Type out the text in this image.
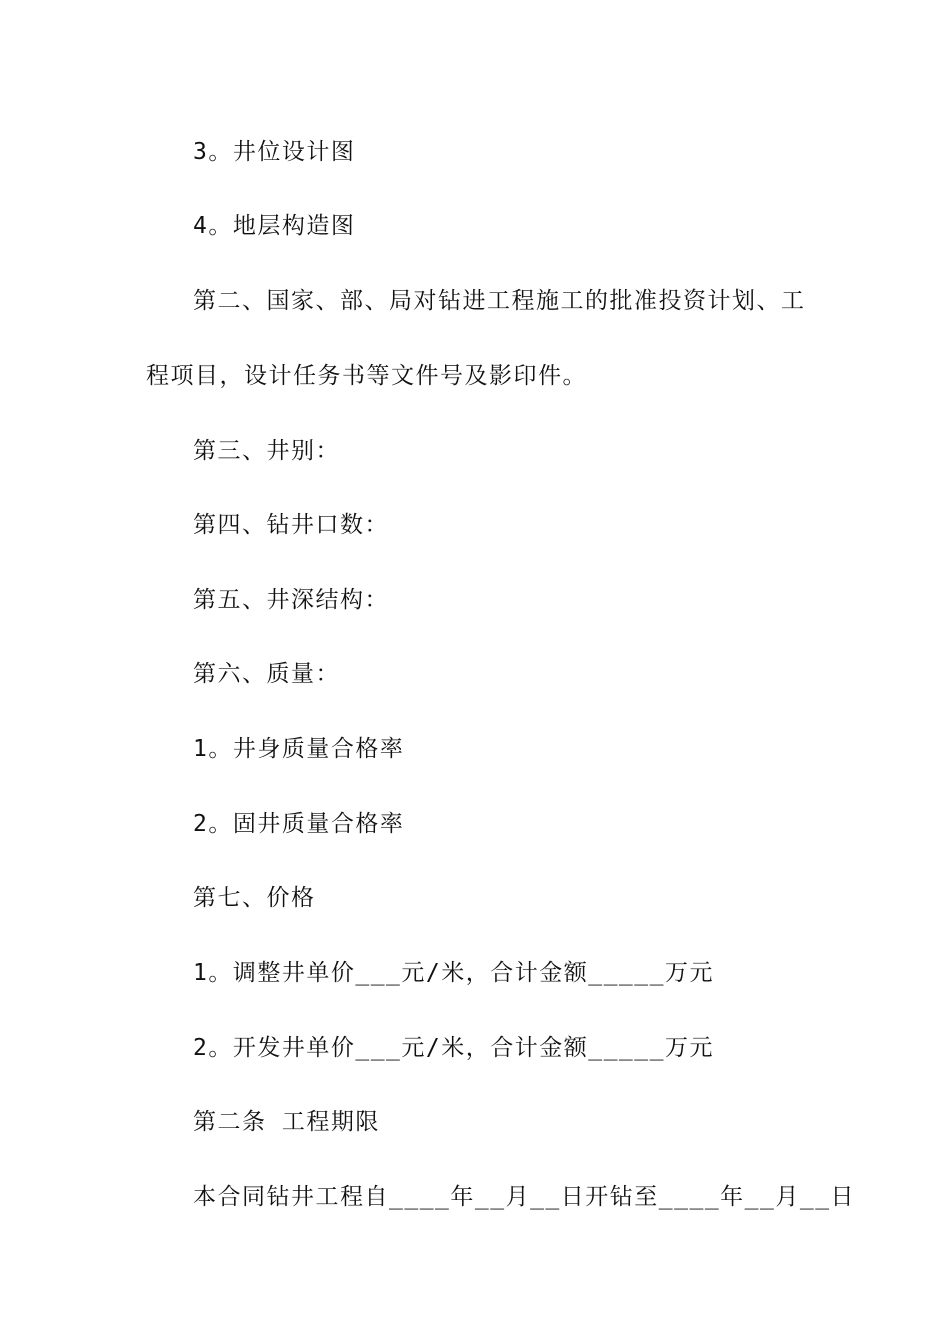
3。井位设计图
4。地层构造图
第二、国家、部、局对钻进工程施工的批准投资计划、工
程项目，设计任务书等文件号及影印件。
第三、井别：
第四、钻井口数：
第五、井深结构：
第六、质量：
1。井身质量合格率
2。固井质量合格率
第七、价格
1。调整井单价___元/米，合计金额_____万元
2。开发井单价___元/米，合计金额_____万元
第二条 工程期限
本合同钻井工程自____年__月__日开钻至____年__月__日
